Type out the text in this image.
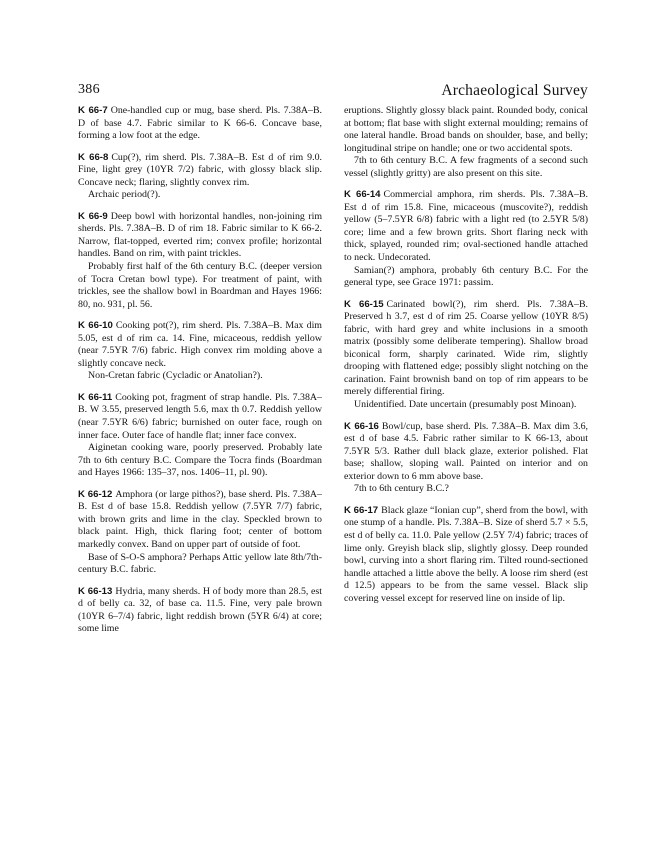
386	Archaeological Survey

K 66-7 One-handled cup or mug, base sherd. Pls. 7.38A–B. D of base 4.7. Fabric similar to K 66-6. Concave base, forming a low foot at the edge.

K 66-8 Cup(?), rim sherd. Pls. 7.38A–B. Est d of rim 9.0. Fine, light grey (10YR 7/2) fabric, with glossy black slip. Concave neck; flaring, slightly convex rim.

Archaic period(?).

K 66-9 Deep bowl with horizontal handles, non-joining rim sherds. Pls. 7.38A–B. D of rim 18. Fabric similar to K 66-2. Narrow, flat-topped, everted rim; convex profile; horizontal handles. Band on rim, with paint trickles.

Probably first half of the 6th century B.C. (deeper version of Tocra Cretan bowl type). For treatment of paint, with trickles, see the shallow bowl in Boardman and Hayes 1966: 80, no. 931, pl. 56.

K 66-10 Cooking pot(?), rim sherd. Pls. 7.38A–B. Max dim 5.05, est d of rim ca. 14. Fine, micaceous, reddish yellow (near 7.5YR 7/6) fabric. High convex rim molding above a slightly concave neck.

Non-Cretan fabric (Cycladic or Anatolian?).

K 66-11 Cooking pot, fragment of strap handle. Pls. 7.38A–B. W 3.55, preserved length 5.6, max th 0.7. Reddish yellow (near 7.5YR 6/6) fabric; burnished on outer face, rough on inner face. Outer face of handle flat; inner face convex.

Aiginetan cooking ware, poorly preserved. Probably late 7th to 6th century B.C. Compare the Tocra finds (Boardman and Hayes 1966: 135–37, nos. 1406–11, pl. 90).

K 66-12 Amphora (or large pithos?), base sherd. Pls. 7.38A–B. Est d of base 15.8. Reddish yellow (7.5YR 7/7) fabric, with brown grits and lime in the clay. Speckled brown to black paint. High, thick flaring foot; center of bottom markedly convex. Band on upper part of outside of foot.

Base of S-O-S amphora? Perhaps Attic yellow late 8th/7th-century B.C. fabric.

K 66-13 Hydria, many sherds. H of body more than 28.5, est d of belly ca. 32, of base ca. 11.5. Fine, very pale brown (10YR 6–7/4) fabric, light reddish brown (5YR 6/4) at core; some lime

eruptions. Slightly glossy black paint. Rounded body, conical at bottom; flat base with slight external moulding; remains of one lateral handle. Broad bands on shoulder, base, and belly; longitudinal stripe on handle; one or two accidental spots.

7th to 6th century B.C. A few fragments of a second such vessel (slightly gritty) are also present on this site.

K 66-14 Commercial amphora, rim sherds. Pls. 7.38A–B. Est d of rim 15.8. Fine, micaceous (muscovite?), reddish yellow (5–7.5YR 6/8) fabric with a light red (to 2.5YR 5/8) core; lime and a few brown grits. Short flaring neck with thick, splayed, rounded rim; oval-sectioned handle attached to neck. Undecorated.

Samian(?) amphora, probably 6th century B.C. For the general type, see Grace 1971: passim.

K 66-15 Carinated bowl(?), rim sherd. Pls. 7.38A–B. Preserved h 3.7, est d of rim 25. Coarse yellow (10YR 8/5) fabric, with hard grey and white inclusions in a smooth matrix (possibly some deliberate tempering). Shallow broad biconical form, sharply carinated. Wide rim, slightly drooping with flattened edge; possibly slight notching on the carination. Faint brownish band on top of rim appears to be merely differential firing.

Unidentified. Date uncertain (presumably post Minoan).

K 66-16 Bowl/cup, base sherd. Pls. 7.38A–B. Max dim 3.6, est d of base 4.5. Fabric rather similar to K 66-13, about 7.5YR 5/3. Rather dull black glaze, exterior polished. Flat base; shallow, sloping wall. Painted on interior and on exterior down to 6 mm above base.

7th to 6th century B.C.?

K 66-17 Black glaze “Ionian cup”, sherd from the bowl, with one stump of a handle. Pls. 7.38A–B. Size of sherd 5.7 × 5.5, est d of belly ca. 11.0. Pale yellow (2.5Y 7/4) fabric; traces of lime only. Greyish black slip, slightly glossy. Deep rounded bowl, curving into a short flaring rim. Tilted round-sectioned handle attached a little above the belly. A loose rim sherd (est d 12.5) appears to be from the same vessel. Black slip covering vessel except for reserved line on inside of lip.
